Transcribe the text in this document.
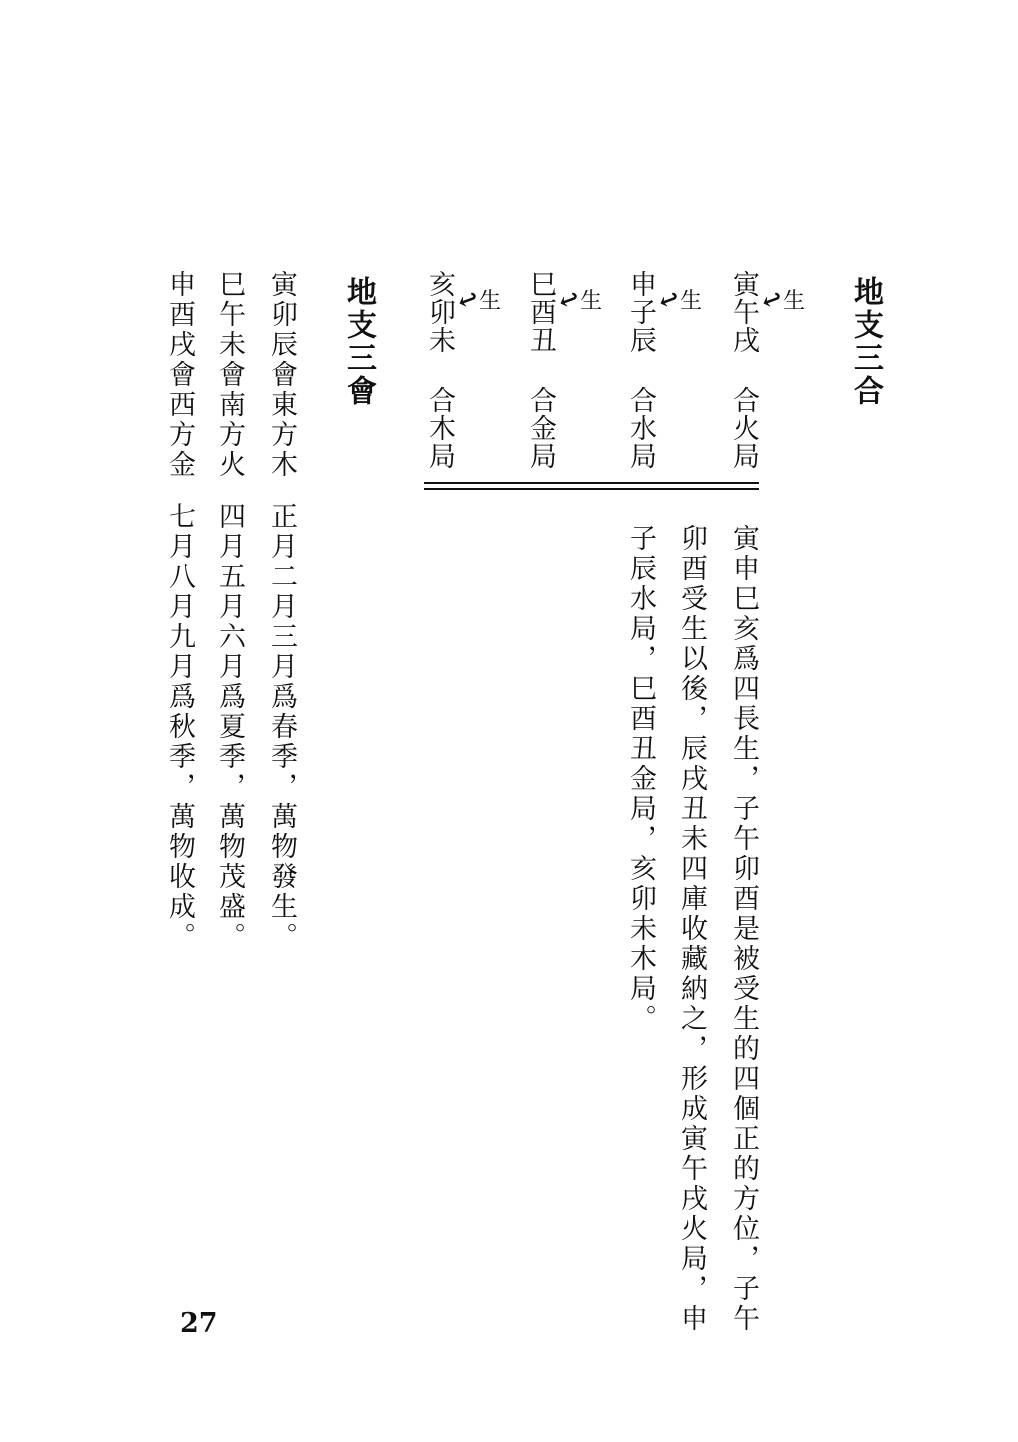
地支三合
寅午戌
↩生
合火局
申子辰
↩生
合水局
巳酉丑
↩生
合金局
亥卯未
↩生
合木局
寅申巳亥爲四長生，子午卯酉是被受生的四個正的方位，子午
卯酉受生以後，辰戌丑未四庫收藏納之，形成寅午戌火局，申
子辰水局，巳酉丑金局，亥卯未木局。
地支三會
寅卯辰會東方木
正月二月三月爲春季，萬物發生。
巳午未會南方火
四月五月六月爲夏季，萬物茂盛。
申酉戌會西方金
七月八月九月爲秋季，萬物收成。
27
